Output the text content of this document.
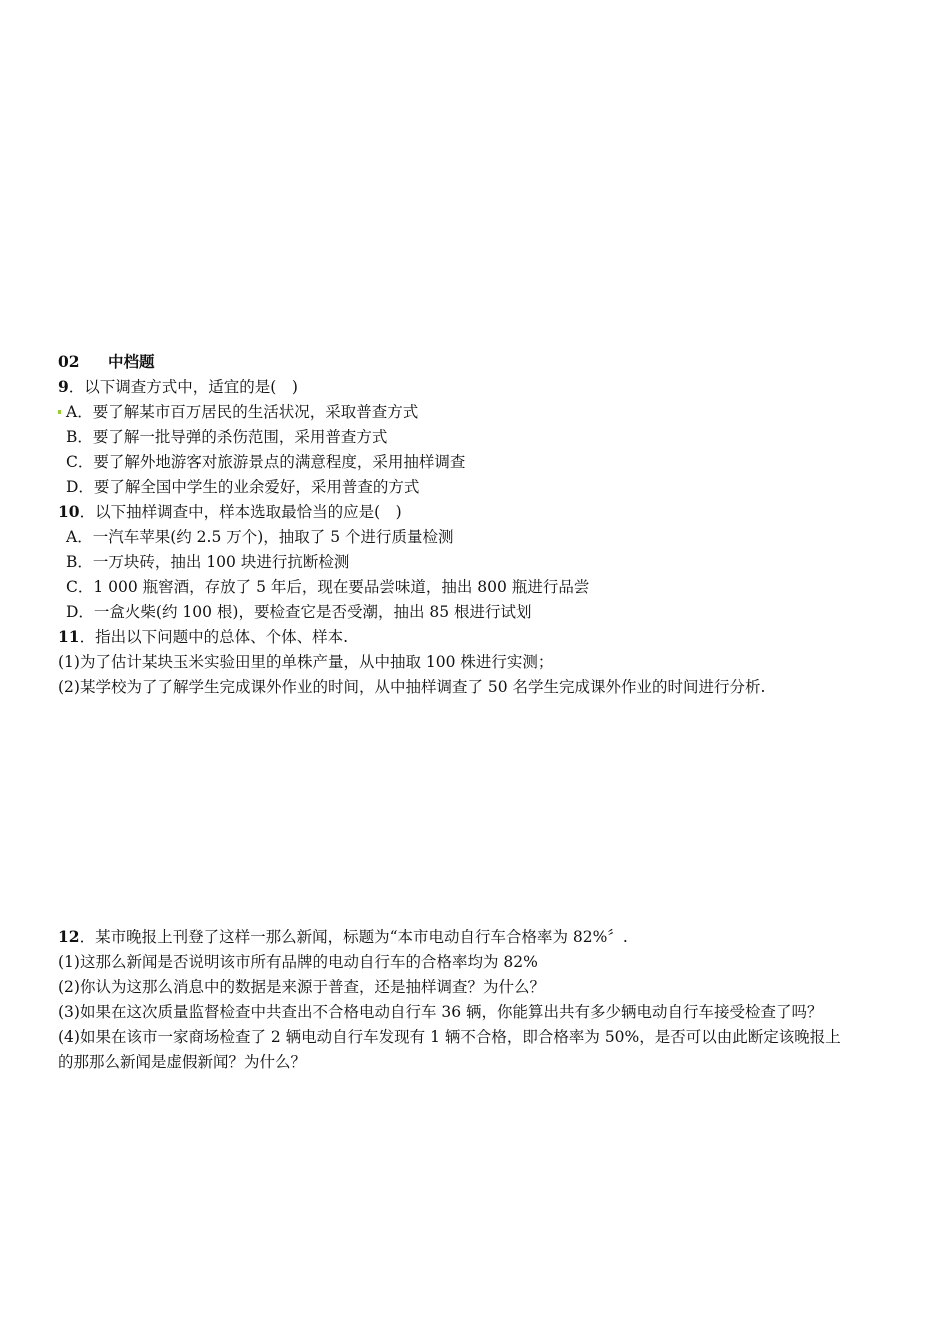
02 中档题
9．以下调查方式中，适宜的是(　)
A．要了解某市百万居民的生活状况，采取普查方式
B．要了解一批导弹的杀伤范围，采用普查方式
C．要了解外地游客对旅游景点的满意程度，采用抽样调查
D．要了解全国中学生的业余爱好，采用普查的方式
10．以下抽样调查中，样本选取最恰当的应是(　)
A．一汽车苹果(约 2.5 万个)，抽取了 5 个进行质量检测
B．一万块砖，抽出 100 块进行抗断检测
C．1 000 瓶窖酒，存放了 5 年后，现在要品尝味道，抽出 800 瓶进行品尝
D．一盒火柴(约 100 根)，要检查它是否受潮，抽出 85 根进行试划
11．指出以下问题中的总体、个体、样本.
(1)为了估计某块玉米实验田里的单株产量，从中抽取 100 株进行实测；
(2)某学校为了了解学生完成课外作业的时间，从中抽样调查了 50 名学生完成课外作业的时间进行分析.
12．某市晚报上刊登了这样一那么新闻，标题为“本市电动自行车合格率为 82%〞.
(1)这那么新闻是否说明该市所有品牌的电动自行车的合格率均为 82%
(2)你认为这那么消息中的数据是来源于普查，还是抽样调查？为什么？
(3)如果在这次质量监督检查中共查出不合格电动自行车 36 辆，你能算出共有多少辆电动自行车接受检查了吗？
(4)如果在该市一家商场检查了 2 辆电动自行车发现有 1 辆不合格，即合格率为 50%，是否可以由此断定该晚报上
的那那么新闻是虚假新闻？为什么？
